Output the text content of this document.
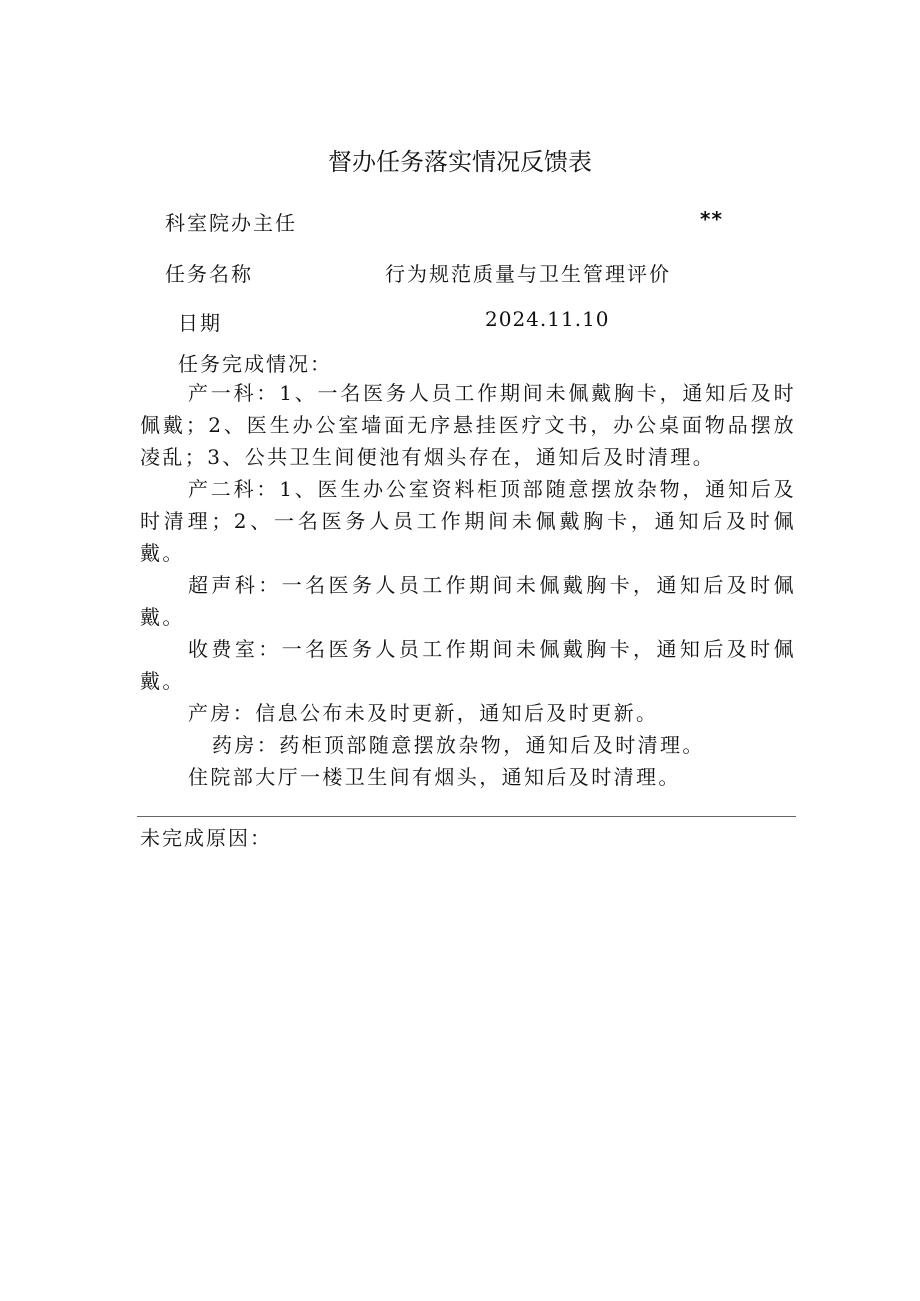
督办任务落实情况反馈表
科室院办主任	**
任务名称	行为规范质量与卫生管理评价
日期	2024.11.10
任务完成情况：

产一科：1、一名医务人员工作期间未佩戴胸卡，通知后及时佩戴；2、医生办公室墙面无序悬挂医疗文书，办公桌面物品摆放凌乱；3、公共卫生间便池有烟头存在，通知后及时清理。

产二科：1、医生办公室资料柜顶部随意摆放杂物，通知后及时清理；2、一名医务人员工作期间未佩戴胸卡，通知后及时佩戴。

超声科：一名医务人员工作期间未佩戴胸卡，通知后及时佩戴。

收费室：一名医务人员工作期间未佩戴胸卡，通知后及时佩戴。

产房：信息公布未及时更新，通知后及时更新。

药房：药柜顶部随意摆放杂物，通知后及时清理。

住院部大厅一楼卫生间有烟头，通知后及时清理。

未完成原因：
